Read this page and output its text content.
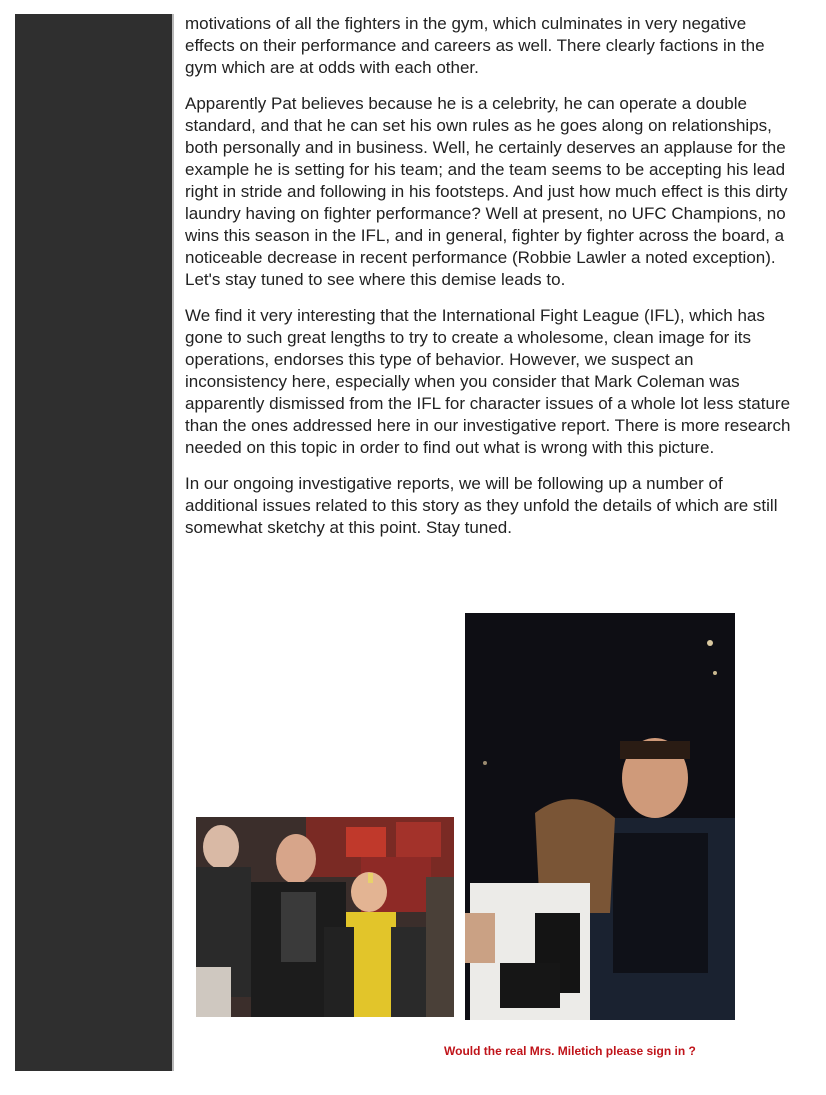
motivations of all the fighters in the gym, which culminates in very negative effects on their performance and careers as well. There clearly factions in the gym which are at odds with each other.

Apparently Pat believes because he is a celebrity, he can operate a double standard, and that he can set his own rules as he goes along on relationships, both personally and in business. Well, he certainly deserves an applause for the example he is setting for his team; and the team seems to be accepting his lead right in stride and following in his footsteps. And just how much effect is this dirty laundry having on fighter performance? Well at present, no UFC Champions, no wins this season in the IFL, and in general, fighter by fighter across the board, a noticeable decrease in recent performance (Robbie Lawler a noted exception). Let's stay tuned to see where this demise leads to.

We find it very interesting that the International Fight League (IFL), which has gone to such great lengths to try to create a wholesome, clean image for its operations, endorses this type of behavior. However, we suspect an inconsistency here, especially when you consider that Mark Coleman was apparently dismissed from the IFL for character issues of a whole lot less stature than the ones addressed here in our investigative report. There is more research needed on this topic in order to find out what is wrong with this picture.

In our ongoing investigative reports, we will be following up a number of additional issues related to this story as they unfold the details of which are still somewhat sketchy at this point. Stay tuned.

Would the real Mrs. Miletich please sign in ?
